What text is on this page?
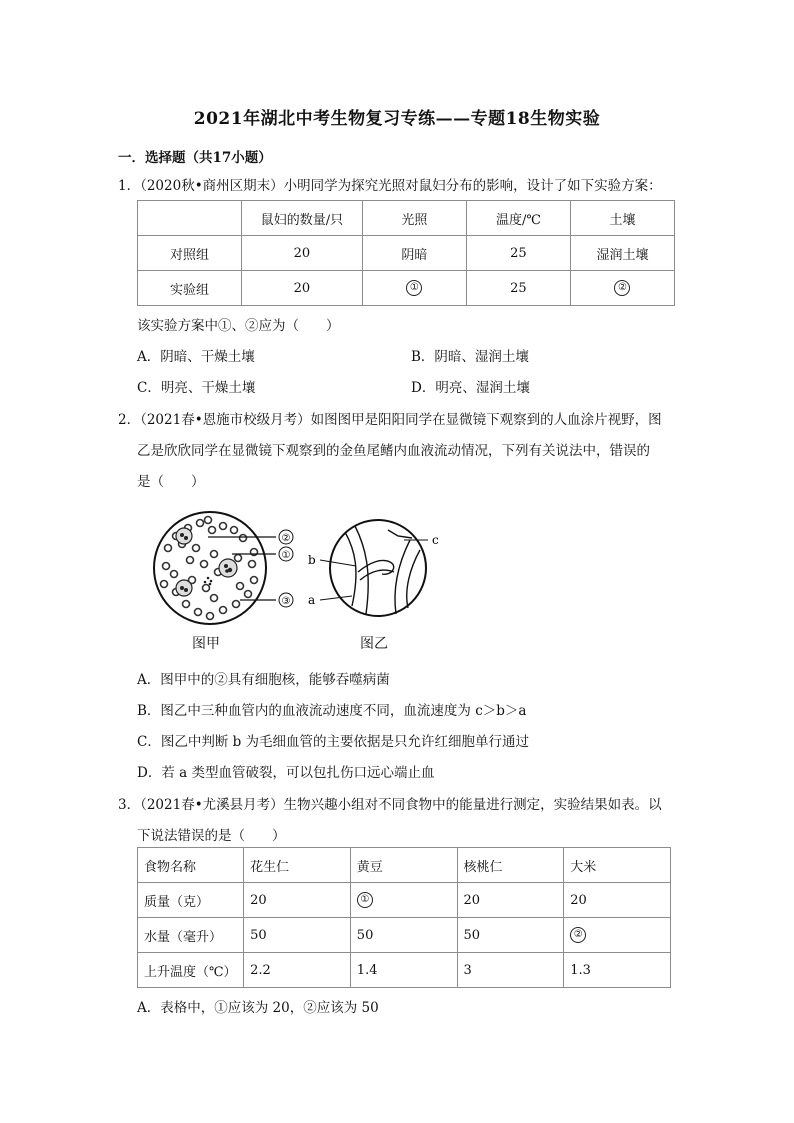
2021年湖北中考生物复习专练——专题18生物实验
一．选择题（共17小题）
1．（2020秋•商州区期末）小明同学为探究光照对鼠妇分布的影响，设计了如下实验方案：
	鼠妇的数量/只	光照	温度/℃	土壤
对照组	20	阴暗	25	湿润土壤
实验组	20	①	25	②
该实验方案中①、②应为（　　）
A．阴暗、干燥土壤	B．阴暗、湿润土壤
C．明亮、干燥土壤	D．明亮、湿润土壤
2．（2021春•恩施市校级月考）如图图甲是阳阳同学在显微镜下观察到的人血涂片视野，图
乙是欣欣同学在显微镜下观察到的金鱼尾鳍内血液流动情况，下列有关说法中，错误的
是（　　）
②
①
③
图甲
b
a
c
图乙
A．图甲中的②具有细胞核，能够吞噬病菌
B．图乙中三种血管内的血液流动速度不同，血流速度为 c＞b＞a
C．图乙中判断 b 为毛细血管的主要依据是只允许红细胞单行通过
D．若 a 类型血管破裂，可以包扎伤口远心端止血
3．（2021春•尤溪县月考）生物兴趣小组对不同食物中的能量进行测定，实验结果如表。以
下说法错误的是（　　）
食物名称	花生仁	黄豆	核桃仁	大米
质量（克）	20	①	20	20
水量（毫升）	50	50	50	②
上升温度（℃）	2.2	1.4	3	1.3
A．表格中，①应该为 20，②应该为 50
